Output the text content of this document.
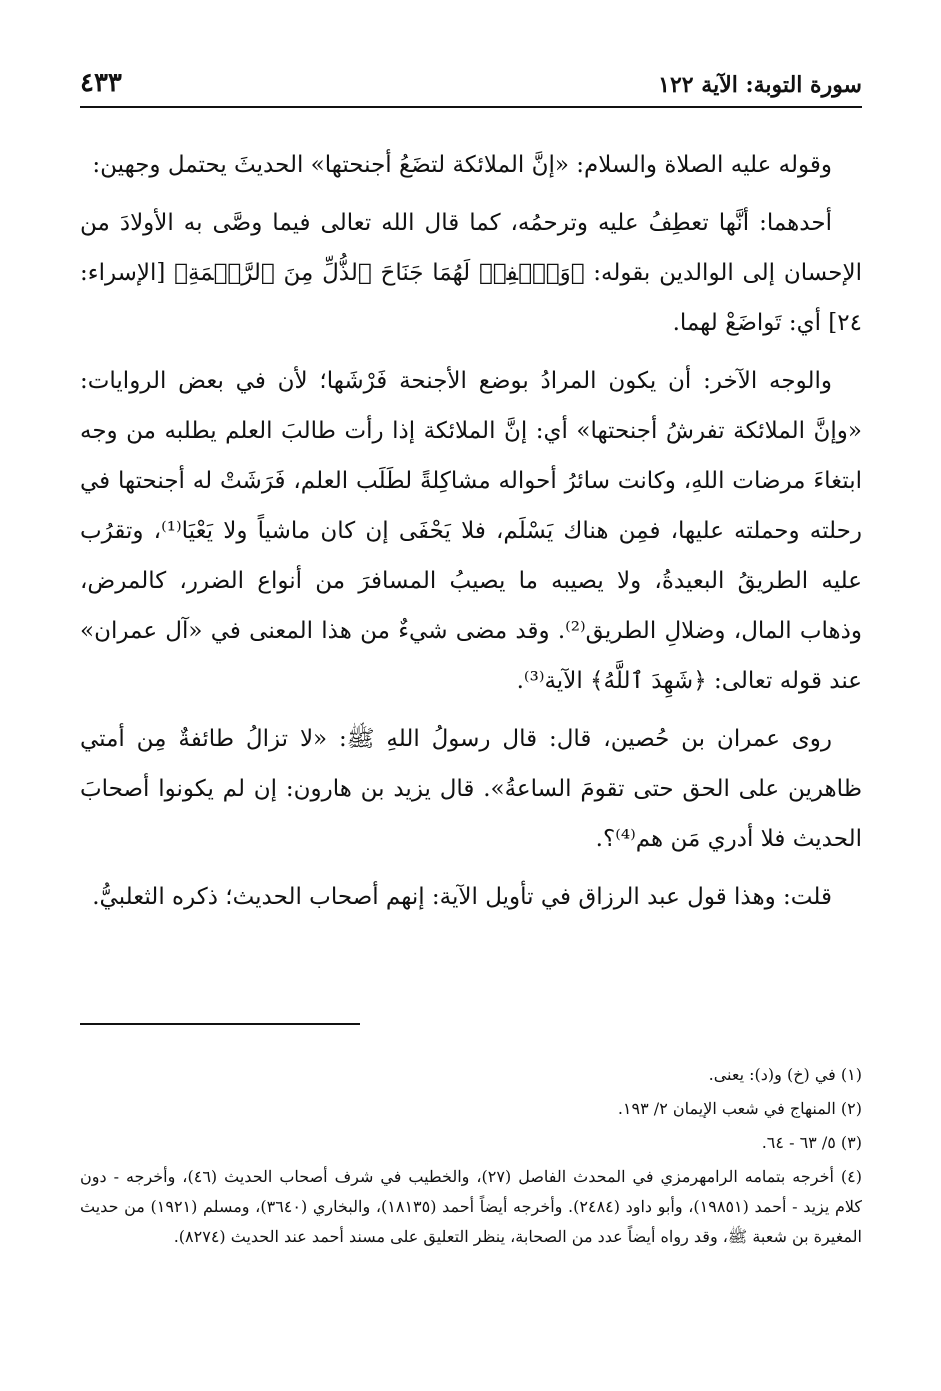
سورة التوبة: الآية ١٢٢
٤٣٣

وقوله عليه الصلاة والسلام: «إنَّ الملائكة لتضَعُ أجنحتها» الحديثَ يحتمل وجهين:

أحدهما: أنَّها تعطِفُ عليه وترحمُه، كما قال الله تعالى فيما وصَّى به الأولادَ من الإحسان إلى الوالدين بقوله: ﴿وَٱخۡفِضۡ لَهُمَا جَنَاحَ ٱلذُّلِّ مِنَ ٱلرَّحۡمَةِ﴾ [الإسراء: ٢٤] أي: تَواضَعْ لهما.

والوجه الآخر: أن يكون المرادُ بوضع الأجنحة فَرْشَها؛ لأن في بعض الروايات: «وإنَّ الملائكة تفرشُ أجنحتها» أي: إنَّ الملائكة إذا رأت طالبَ العلم يطلبه من وجه ابتغاءَ مرضات اللهِ، وكانت سائرُ أحواله مشاكِلةً لطَلَب العلم، فَرَشَتْ له أجنحتها في رحلته وحملته عليها، فمِن هناك يَسْلَم، فلا يَحْفَى إن كان ماشياً ولا يَعْيَا⁽¹⁾، وتقرُب عليه الطريقُ البعيدةُ، ولا يصيبه ما يصيبُ المسافرَ من أنواع الضرر، كالمرض، وذهاب المال، وضلالِ الطريق⁽²⁾. وقد مضى شيءٌ من هذا المعنى في «آل عمران» عند قوله تعالى: ﴿شَهِدَ ٱللَّهُ﴾ الآية⁽³⁾.

روى عمران بن حُصين، قال: قال رسولُ اللهِ ﷺ: «لا تزالُ طائفةٌ مِن أمتي ظاهرين على الحق حتى تقومَ الساعةُ». قال يزيد بن هارون: إن لم يكونوا أصحابَ الحديث فلا أدري مَن هم⁽⁴⁾؟.

قلت: وهذا قول عبد الرزاق في تأويل الآية: إنهم أصحاب الحديث؛ ذكره الثعلبيُّ.

(١) في (خ) و(د): يعنى.

(٢) المنهاج في شعب الإيمان ٢/ ١٩٣.

(٣) ٥/ ٦٣ - ٦٤.

(٤) أخرجه بتمامه الرامهرمزي في المحدث الفاصل (٢٧)، والخطيب في شرف أصحاب الحديث (٤٦)، وأخرجه - دون كلام يزيد - أحمد (١٩٨٥١)، وأبو داود (٢٤٨٤). وأخرجه أيضاً أحمد (١٨١٣٥)، والبخاري (٣٦٤٠)، ومسلم (١٩٢١) من حديث المغيرة بن شعبة ﷺ، وقد رواه أيضاً عدد من الصحابة، ينظر التعليق على مسند أحمد عند الحديث (٨٢٧٤).
